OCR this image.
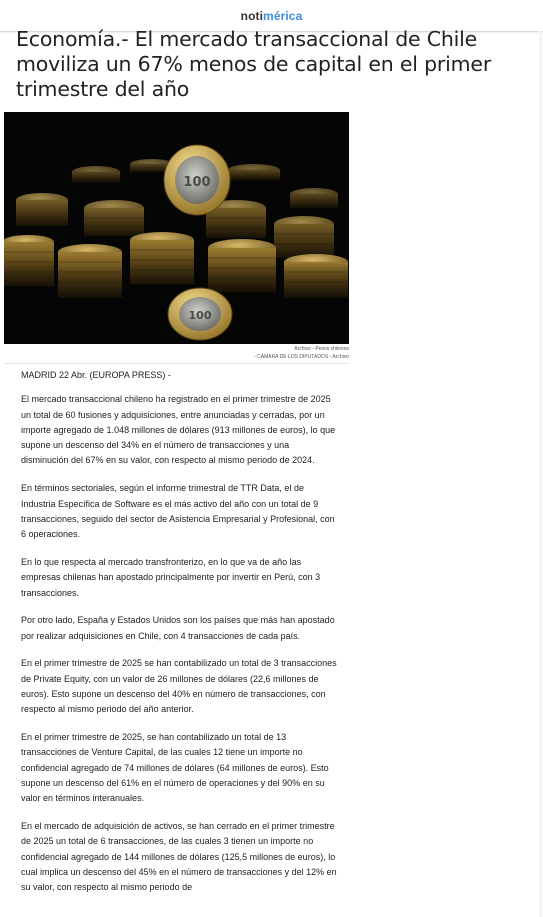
notimérica
Economía.- El mercado transaccional de Chile moviliza un 67% menos de capital en el primer trimestre del año
100
100
Archivo - Pesos chilenos
- CÁMARA DE LOS DIPUTADOS - Archivo

MADRID 22 Abr. (EUROPA PRESS) -

El mercado transaccional chileno ha registrado en el primer trimestre de 2025 un total de 60 fusiones y adquisiciones, entre anunciadas y cerradas, por un importe agregado de 1.048 millones de dólares (913 millones de euros), lo que supone un descenso del 34% en el número de transacciones y una disminución del 67% en su valor, con respecto al mismo periodo de 2024.

En términos sectoriales, según el informe trimestral de TTR Data, el de Industria Específica de Software es el más activo del año con un total de 9 transacciones, seguido del sector de Asistencia Empresarial y Profesional, con 6 operaciones.

En lo que respecta al mercado transfronterizo, en lo que va de año las empresas chilenas han apostado principalmente por invertir en Perú, con 3 transacciones.

Por otro lado, España y Estados Unidos son los países que más han apostado por realizar adquisiciones en Chile, con 4 transacciones de cada país.

En el primer trimestre de 2025 se han contabilizado un total de 3 transacciones de Private Equity, con un valor de 26 millones de dólares (22,6 millones de euros). Esto supone un descenso del 40% en número de transacciones, con respecto al mismo periodo del año anterior.

En el primer trimestre de 2025, se han contabilizado un total de 13 transacciones de Venture Capital, de las cuales 12 tiene un importe no confidencial agregado de 74 millones de dólares (64 millones de euros). Esto supone un descenso del 61% en el número de operaciones y del 90% en su valor en términos interanuales.

En el mercado de adquisición de activos, se han cerrado en el primer trimestre de 2025 un total de 6 transacciones, de las cuales 3 tienen un importe no confidencial agregado de 144 millones de dólares (125,5 millones de euros), lo cual implica un descenso del 45% en el número de transacciones y del 12% en su valor, con respecto al mismo periodo de
